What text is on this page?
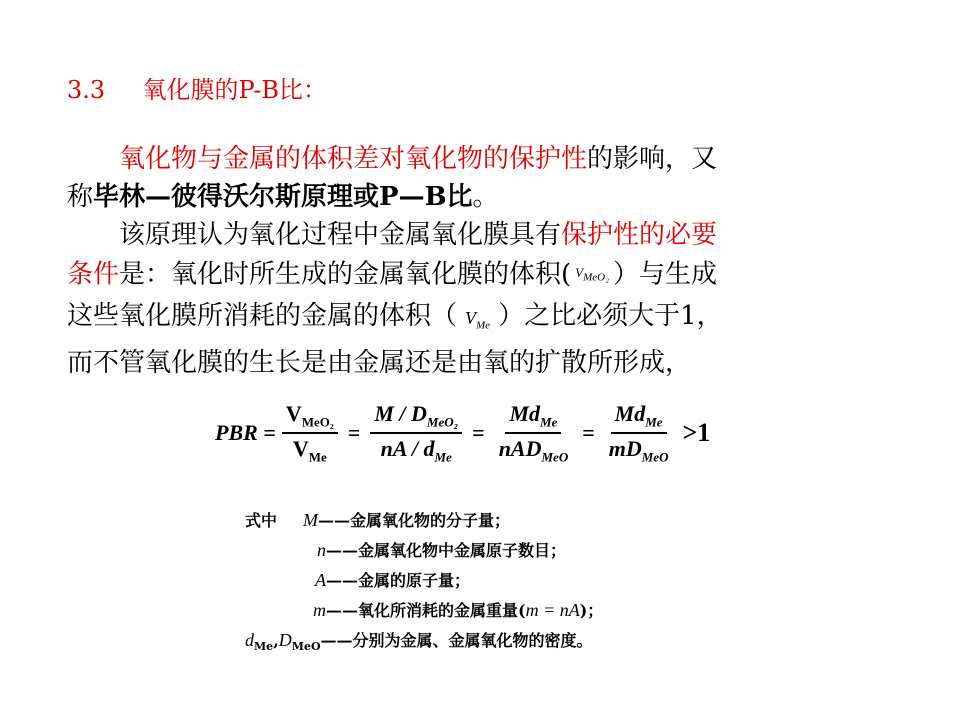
3.3 氧化膜的P-B比：
　　氧化物与金属的体积差对氧化物的保护性的影响，又
称毕林—彼得沃尔斯原理或P—B比。
　　该原理认为氧化过程中金属氧化膜具有保护性的必要
条件是：氧化时所生成的金属氧化膜的体积( $V_{MeO_2}$ ）与生成
这些氧化膜所消耗的金属的体积（ $V_{Me}$ ）之比必须大于1，
而不管氧化膜的生长是由金属还是由氧的扩散所形成，
PBR = $\frac{V_{MeO_2}}{V_{Me}} = \frac{M / D_{MeO_2}}{nA / d_{Me}} = \frac{Md_{Me}}{nAD_{MeO}} = \frac{Md_{Me}}{mD_{MeO}} >1$
式中 M——金属氧化物的分子量；
n——金属氧化物中金属原子数目；
A——金属的原子量；
m——氧化所消耗的金属重量(m = nA)；
$d_{Me},D_{MeO}——$分别为金属、金属氧化物的密度。
